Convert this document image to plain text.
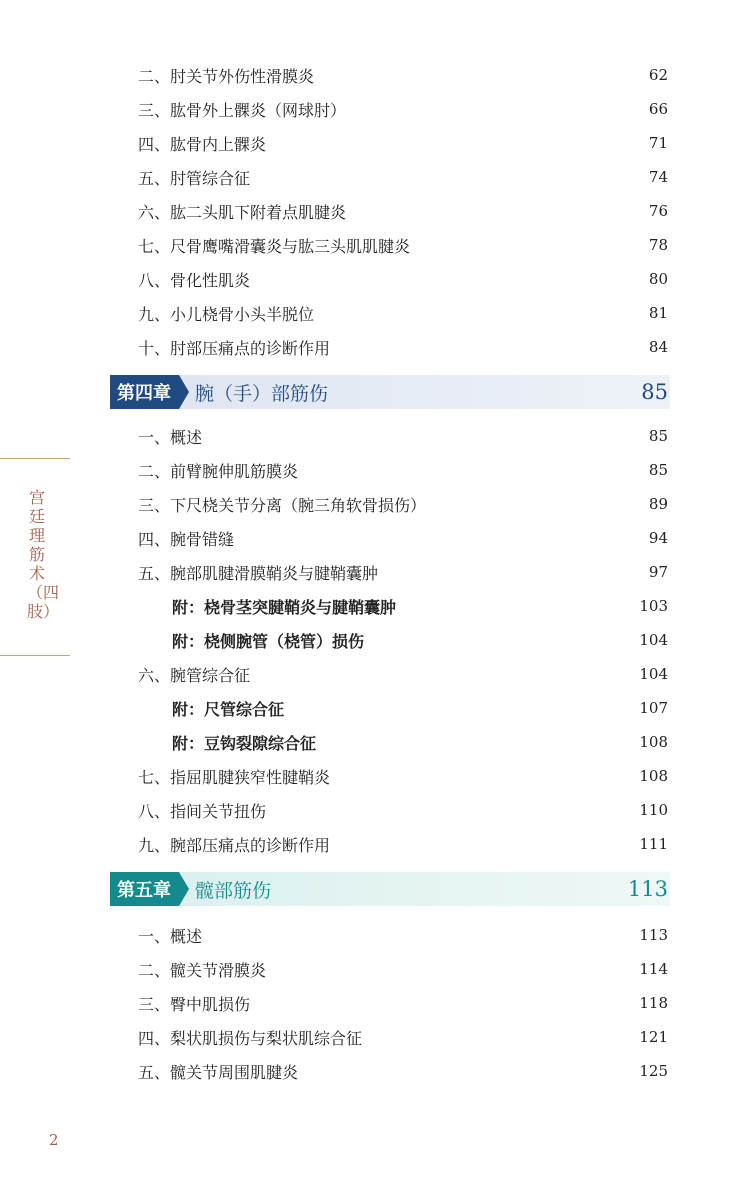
宫廷理筋术（四肢）
二、肘关节外伤性滑膜炎	62
三、肱骨外上髁炎（网球肘）	66
四、肱骨内上髁炎	71
五、肘管综合征	74
六、肱二头肌下附着点肌腱炎	76
七、尺骨鹰嘴滑囊炎与肱三头肌肌腱炎	78
八、骨化性肌炎	80
九、小儿桡骨小头半脱位	81
十、肘部压痛点的诊断作用	84
第四章	腕（手）部筋伤	85
一、概述	85
二、前臂腕伸肌筋膜炎	85
三、下尺桡关节分离（腕三角软骨损伤）	89
四、腕骨错缝	94
五、腕部肌腱滑膜鞘炎与腱鞘囊肿	97
附：桡骨茎突腱鞘炎与腱鞘囊肿	103
附：桡侧腕管（桡管）损伤	104
六、腕管综合征	104
附：尺管综合征	107
附：豆钩裂隙综合征	108
七、指屈肌腱狭窄性腱鞘炎	108
八、指间关节扭伤	110
九、腕部压痛点的诊断作用	111
第五章	髋部筋伤	113
一、概述	113
二、髋关节滑膜炎	114
三、臀中肌损伤	118
四、梨状肌损伤与梨状肌综合征	121
五、髋关节周围肌腱炎	125
2
